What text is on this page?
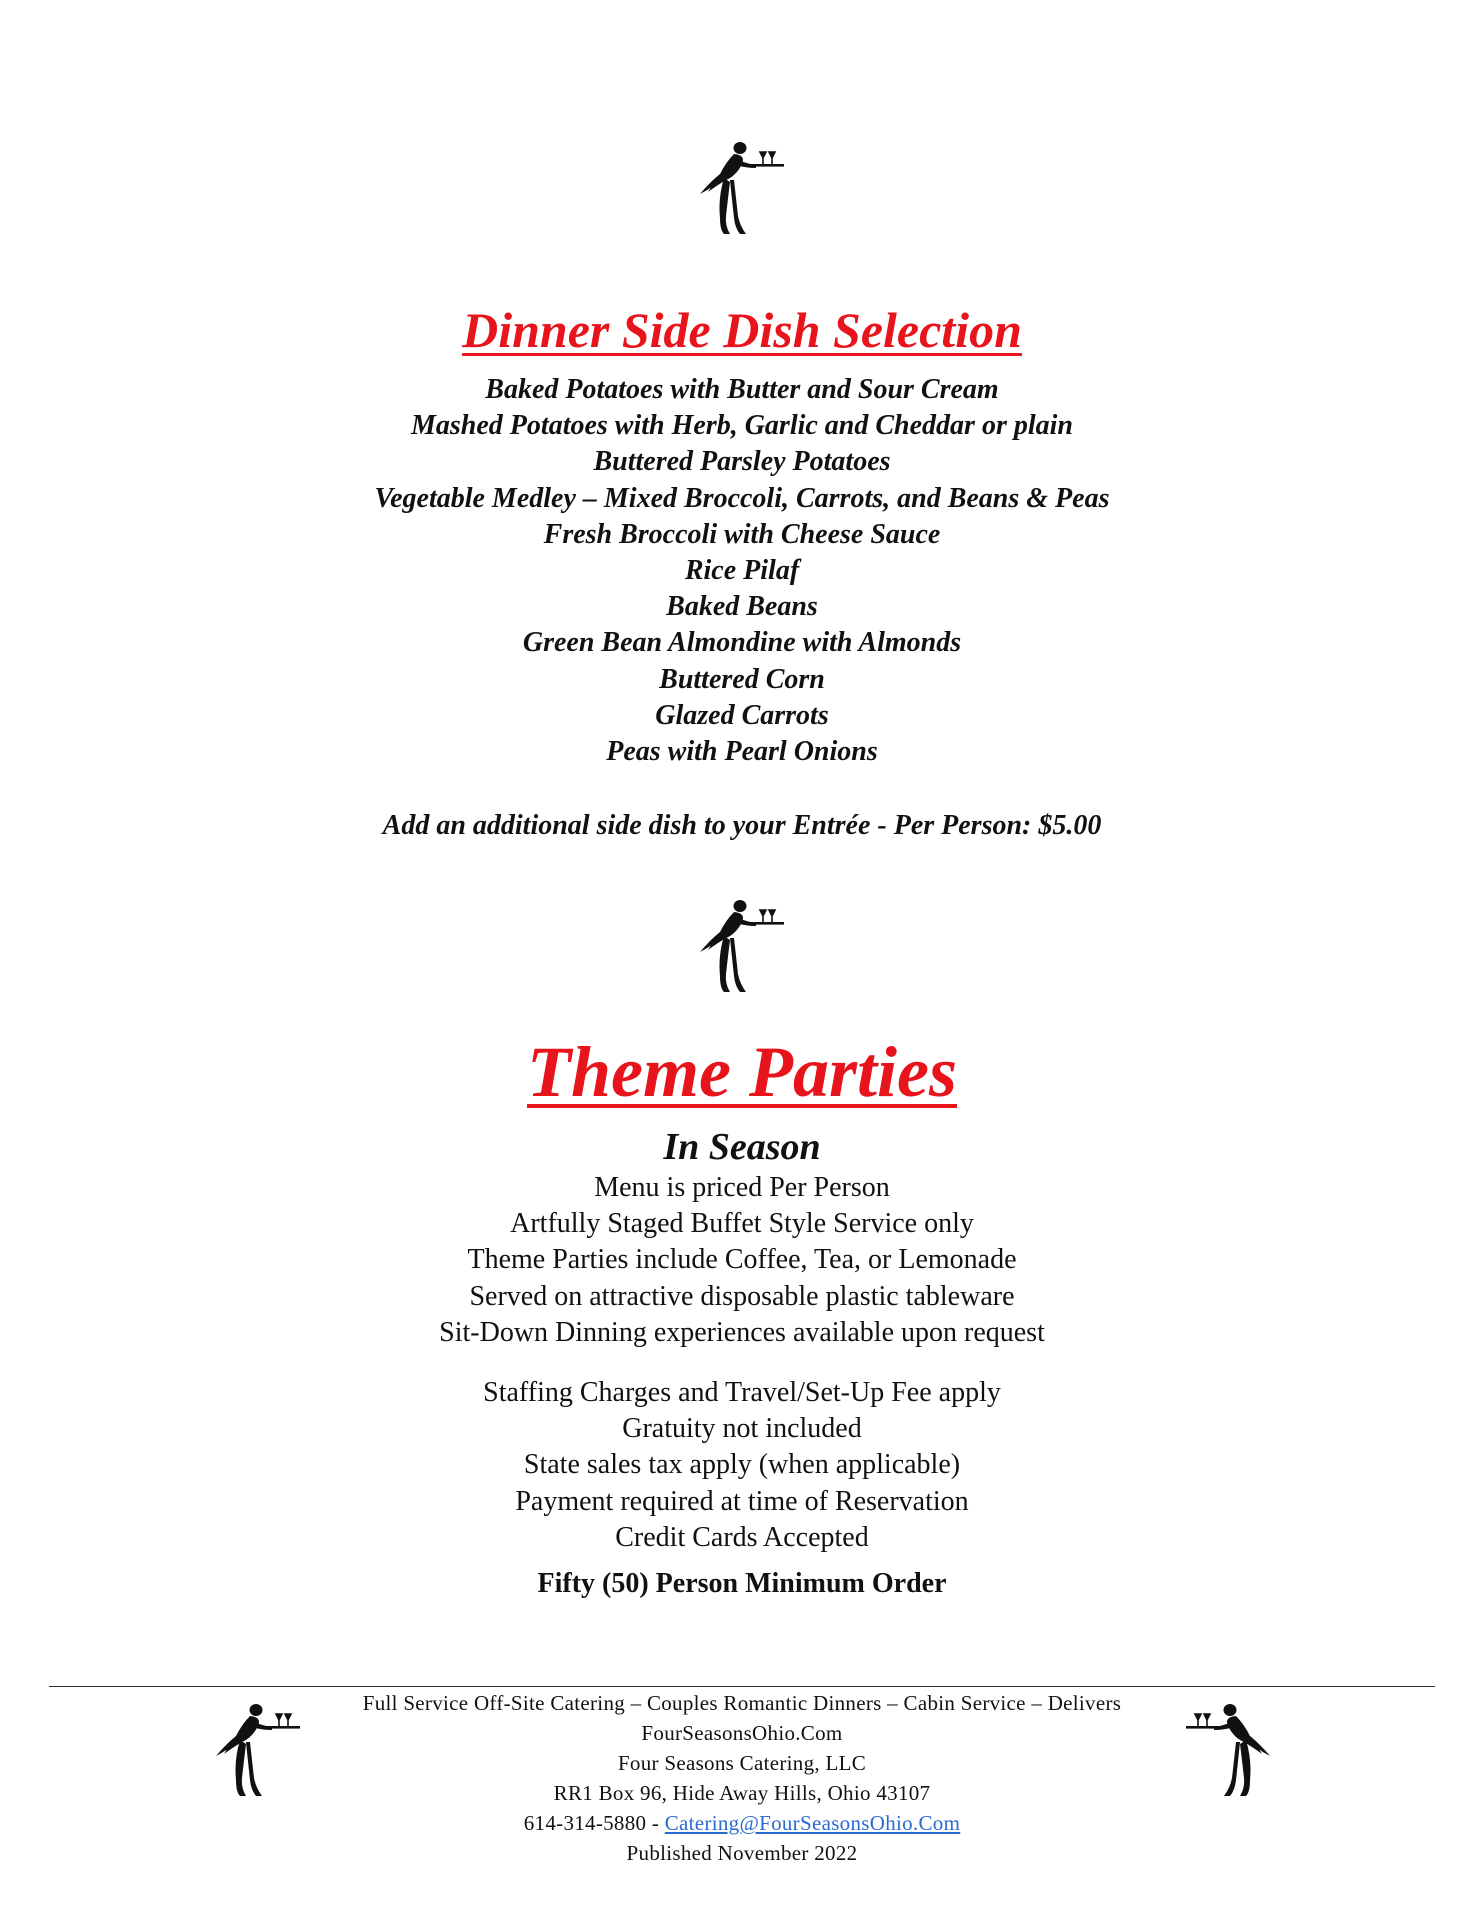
Dinner Side Dish Selection
Baked Potatoes with Butter and Sour Cream
Mashed Potatoes with Herb, Garlic and Cheddar or plain
Buttered Parsley Potatoes
Vegetable Medley – Mixed Broccoli, Carrots, and Beans & Peas
Fresh Broccoli with Cheese Sauce
Rice Pilaf
Baked Beans
Green Bean Almondine with Almonds
Buttered Corn
Glazed Carrots
Peas with Pearl Onions
Add an additional side dish to your Entrée - Per Person: $5.00
Theme Parties
In Season
Menu is priced Per Person
Artfully Staged Buffet Style Service only
Theme Parties include Coffee, Tea, or Lemonade
Served on attractive disposable plastic tableware
Sit-Down Dinning experiences available upon request
Staffing Charges and Travel/Set-Up Fee apply
Gratuity not included
State sales tax apply (when applicable)
Payment required at time of Reservation
Credit Cards Accepted
Fifty (50) Person Minimum Order
Full Service Off-Site Catering – Couples Romantic Dinners – Cabin Service – Delivers
FourSeasonsOhio.Com
Four Seasons Catering, LLC
RR1 Box 96, Hide Away Hills, Ohio 43107
614-314-5880 - Catering@FourSeasonsOhio.Com
Published November 2022
